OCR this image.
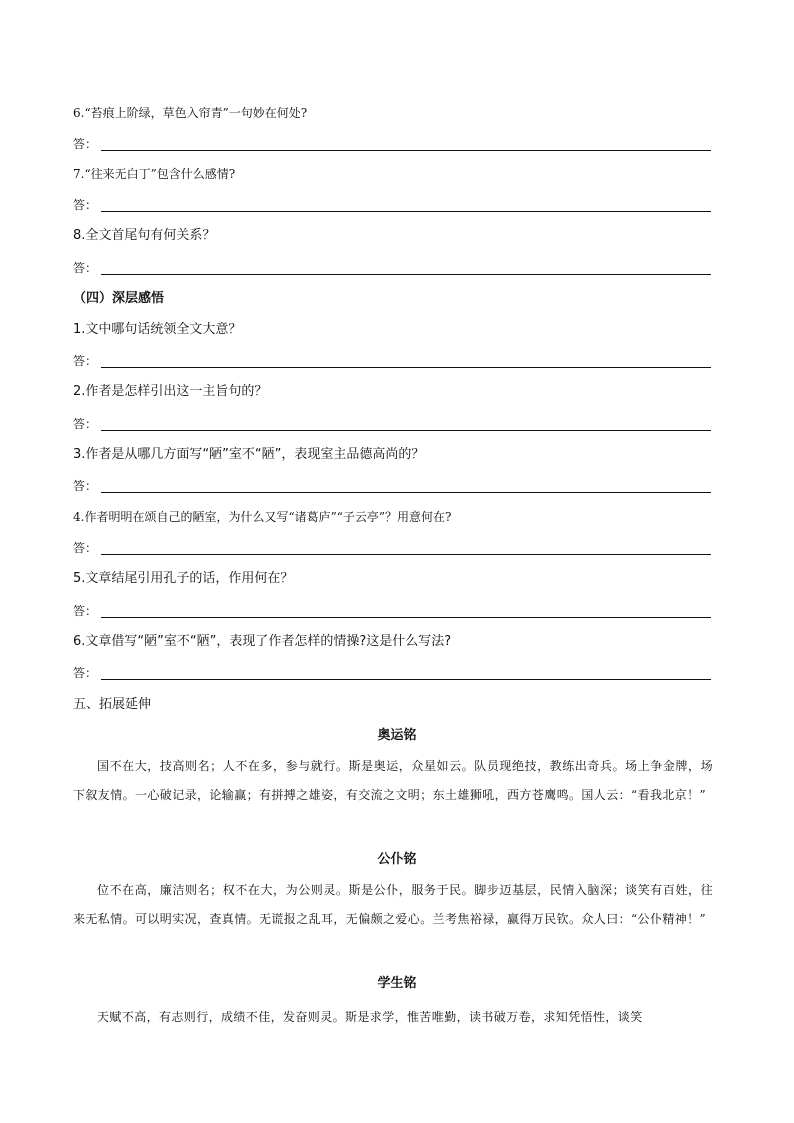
6.“苔痕上阶绿，草色入帘青”一句妙在何处?
答：
7.“往来无白丁”包含什么感情?
答：
8.全文首尾句有何关系？
答：
（四）深层感悟
1.文中哪句话统领全文大意？
答：
2.作者是怎样引出这一主旨句的？
答：
3.作者是从哪几方面写“陋”室不“陋”，表现室主品德高尚的？
答：
4.作者明明在颂自己的陋室，为什么又写“诸葛庐”“子云亭”？用意何在?
答：
5.文章结尾引用孔子的话，作用何在？
答：
6.文章借写“陋”室不“陋”，表现了作者怎样的情操?这是什么写法?
答：
五、拓展延伸
奥运铭
国不在大，技高则名；人不在多，参与就行。斯是奥运，众星如云。队员现绝技，教练出奇兵。场上争金牌，场下叙友情。一心破记录，论输赢；有拼搏之雄姿，有交流之文明；东土雄狮吼，西方苍鹰鸣。国人云：“看我北京！”
公仆铭
位不在高，廉洁则名；权不在大，为公则灵。斯是公仆，服务于民。脚步迈基层，民情入脑深；谈笑有百姓，往来无私情。可以明实况，查真情。无谎报之乱耳，无偏颇之爱心。兰考焦裕禄，赢得万民钦。众人曰：“公仆精神！”
学生铭
天赋不高，有志则行，成绩不佳，发奋则灵。斯是求学，惟苦唯勤，读书破万卷，求知凭悟性，谈笑
